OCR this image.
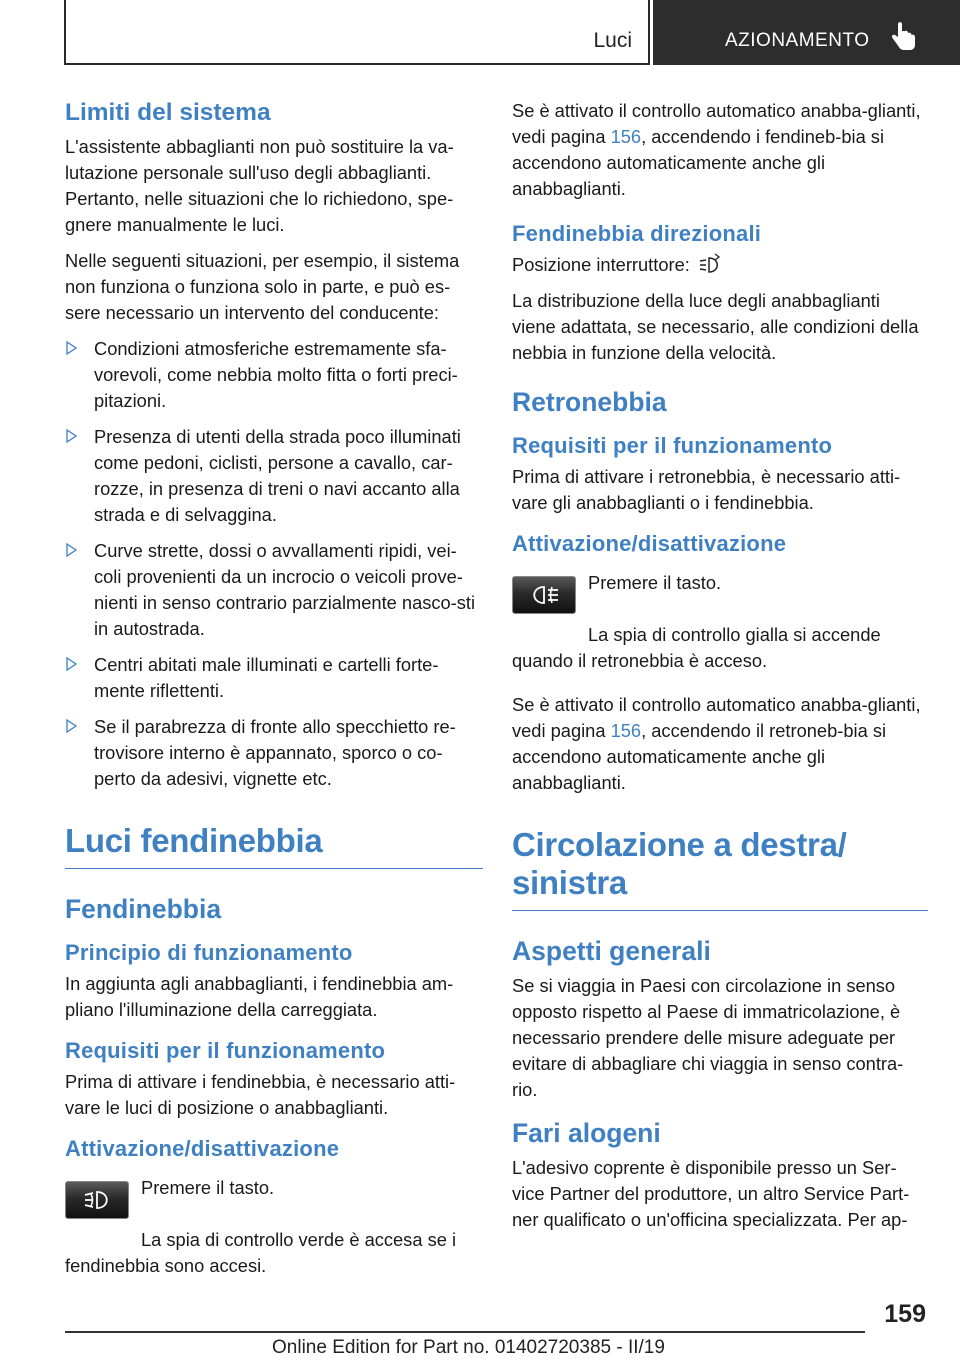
Luci	AZIONAMENTO
Limiti del sistema

L'assistente abbaglianti non può sostituire la va-lutazione personale sull'uso degli abbaglianti. Pertanto, nelle situazioni che lo richiedono, spe-gnere manualmente le luci.

Nelle seguenti situazioni, per esempio, il sistema non funziona o funziona solo in parte, e può es-sere necessario un intervento del conducente:

Condizioni atmosferiche estremamente sfa-vorevoli, come nebbia molto fitta o forti preci-pitazioni.
Presenza di utenti della strada poco illuminati come pedoni, ciclisti, persone a cavallo, car-rozze, in presenza di treni o navi accanto alla strada e di selvaggina.
Curve strette, dossi o avvallamenti ripidi, vei-coli provenienti da un incrocio o veicoli prove-nienti in senso contrario parzialmente nasco-sti in autostrada.
Centri abitati male illuminati e cartelli forte-mente riflettenti.
Se il parabrezza di fronte allo specchietto re-trovisore interno è appannato, sporco o co-perto da adesivi, vignette etc.
Luci fendinebbia
Fendinebbia
Principio di funzionamento

In aggiunta agli anabbaglianti, i fendinebbia am-pliano l'illuminazione della carreggiata.

Requisiti per il funzionamento

Prima di attivare i fendinebbia, è necessario atti-vare le luci di posizione o anabbaglianti.

Attivazione/disattivazione

Premere il tasto.

La spia di controllo verde è accesa se i fendinebbia sono accesi.

Se è attivato il controllo automatico anabba-glianti, vedi pagina 156, accendendo i fendineb-bia si accendono automaticamente anche gli anabbaglianti.

Fendinebbia direzionali

Posizione interruttore:

La distribuzione della luce degli anabbaglianti viene adattata, se necessario, alle condizioni della nebbia in funzione della velocità.

Retronebbia
Requisiti per il funzionamento

Prima di attivare i retronebbia, è necessario atti-vare gli anabbaglianti o i fendinebbia.

Attivazione/disattivazione

Premere il tasto.

La spia di controllo gialla si accende quando il retronebbia è acceso.

Se è attivato il controllo automatico anabba-glianti, vedi pagina 156, accendendo il retroneb-bia si accendono automaticamente anche gli anabbaglianti.

Circolazione a destra/ sinistra
Aspetti generali

Se si viaggia in Paesi con circolazione in senso opposto rispetto al Paese di immatricolazione, è necessario prendere delle misure adeguate per evitare di abbagliare chi viaggia in senso contra-rio.

Fari alogeni

L'adesivo coprente è disponibile presso un Ser-vice Partner del produttore, un altro Service Part-ner qualificato o un'officina specializzata. Per ap-

159
Online Edition for Part no. 01402720385 - II/19
